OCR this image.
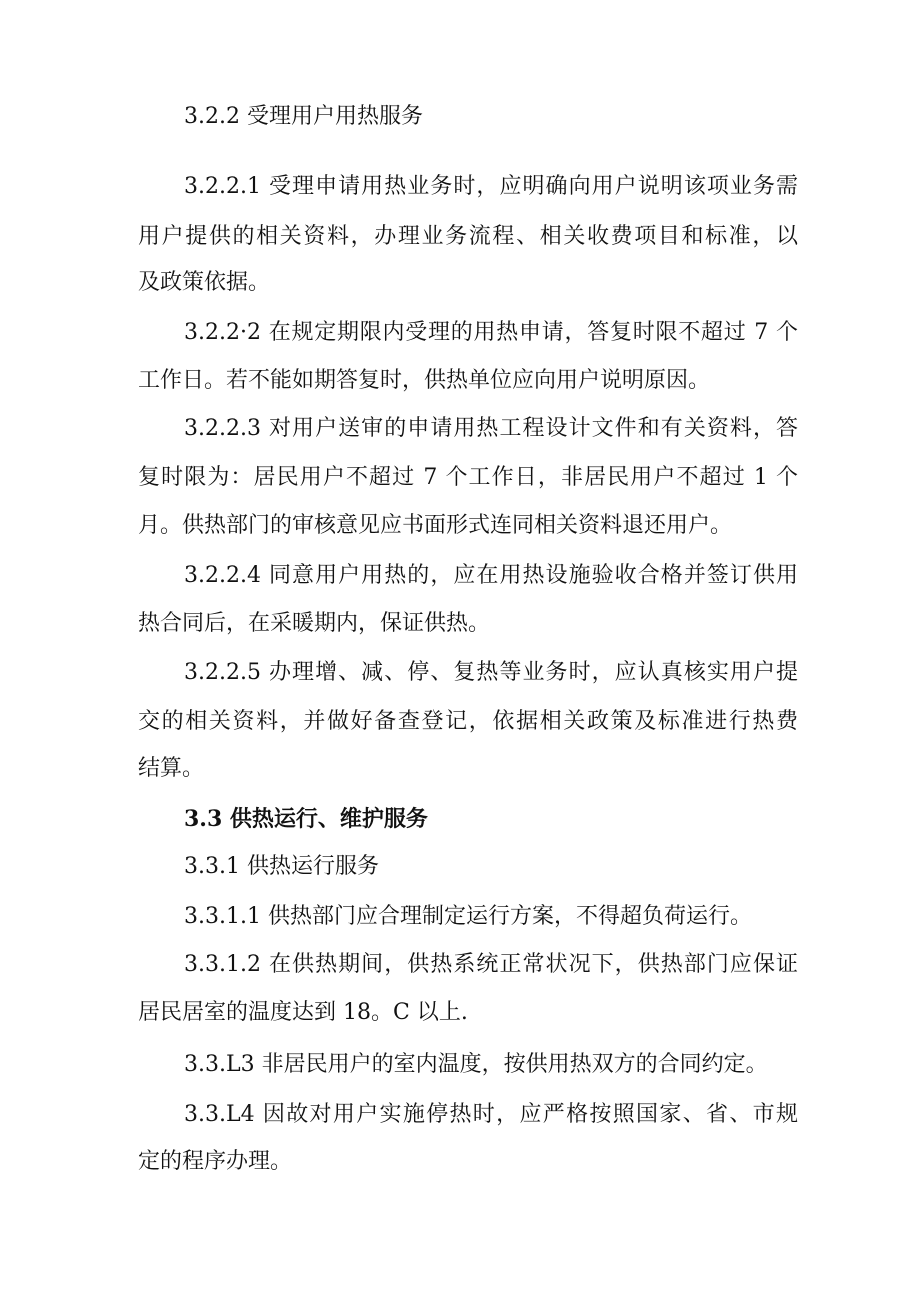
3.2.2 受理用户用热服务
3.2.2.1 受理申请用热业务时，应明确向用户说明该项业务需
用户提供的相关资料，办理业务流程、相关收费项目和标准，以
及政策依据。
3.2.2·2 在规定期限内受理的用热申请，答复时限不超过 7 个
工作日。若不能如期答复时，供热单位应向用户说明原因。
3.2.2.3 对用户送审的申请用热工程设计文件和有关资料，答
复时限为：居民用户不超过 7 个工作日，非居民用户不超过 1 个
月。供热部门的审核意见应书面形式连同相关资料退还用户。
3.2.2.4 同意用户用热的，应在用热设施验收合格并签订供用
热合同后，在采暖期内，保证供热。
3.2.2.5 办理增、减、停、复热等业务时，应认真核实用户提
交的相关资料，并做好备查登记，依据相关政策及标准进行热费
结算。
3.3 供热运行、维护服务
3.3.1 供热运行服务
3.3.1.1 供热部门应合理制定运行方案，不得超负荷运行。
3.3.1.2 在供热期间，供热系统正常状况下，供热部门应保证
居民居室的温度达到 18。C 以上.
3.3.L3 非居民用户的室内温度，按供用热双方的合同约定。
3.3.L4 因故对用户实施停热时，应严格按照国家、省、市规
定的程序办理。
